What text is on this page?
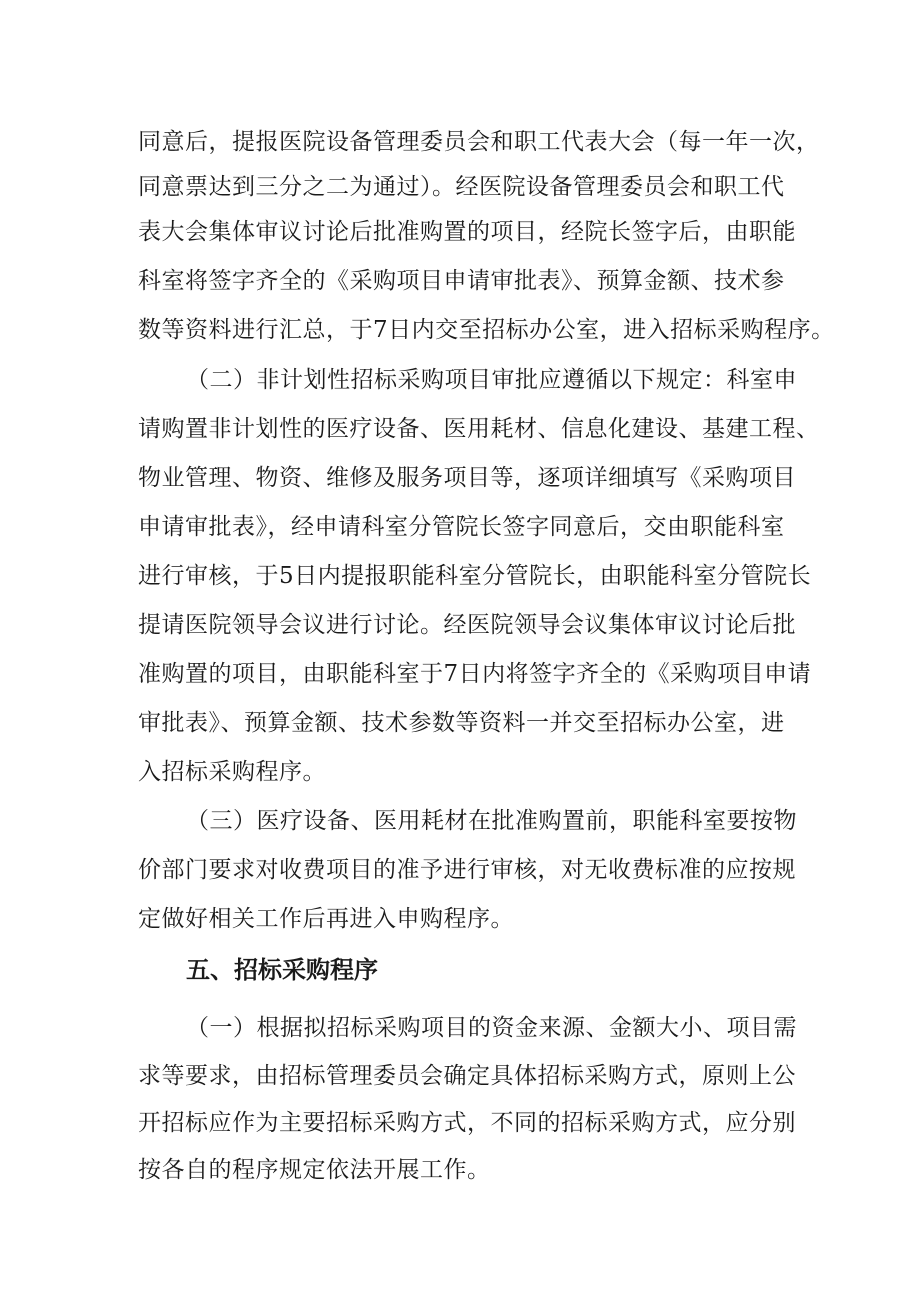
同意后，提报医院设备管理委员会和职工代表大会（每一年一次，
同意票达到三分之二为通过）。经医院设备管理委员会和职工代
表大会集体审议讨论后批准购置的项目，经院长签字后，由职能
科室将签字齐全的《采购项目申请审批表》、预算金额、技术参
数等资料进行汇总，于7日内交至招标办公室，进入招标采购程序。
（二）非计划性招标采购项目审批应遵循以下规定：科室申
请购置非计划性的医疗设备、医用耗材、信息化建设、基建工程、
物业管理、物资、维修及服务项目等，逐项详细填写《采购项目
申请审批表》，经申请科室分管院长签字同意后，交由职能科室
进行审核，于5日内提报职能科室分管院长，由职能科室分管院长
提请医院领导会议进行讨论。经医院领导会议集体审议讨论后批
准购置的项目，由职能科室于7日内将签字齐全的《采购项目申请
审批表》、预算金额、技术参数等资料一并交至招标办公室，进
入招标采购程序。
（三）医疗设备、医用耗材在批准购置前，职能科室要按物
价部门要求对收费项目的准予进行审核，对无收费标准的应按规
定做好相关工作后再进入申购程序。
五、招标采购程序
（一）根据拟招标采购项目的资金来源、金额大小、项目需
求等要求，由招标管理委员会确定具体招标采购方式，原则上公
开招标应作为主要招标采购方式，不同的招标采购方式，应分别
按各自的程序规定依法开展工作。
